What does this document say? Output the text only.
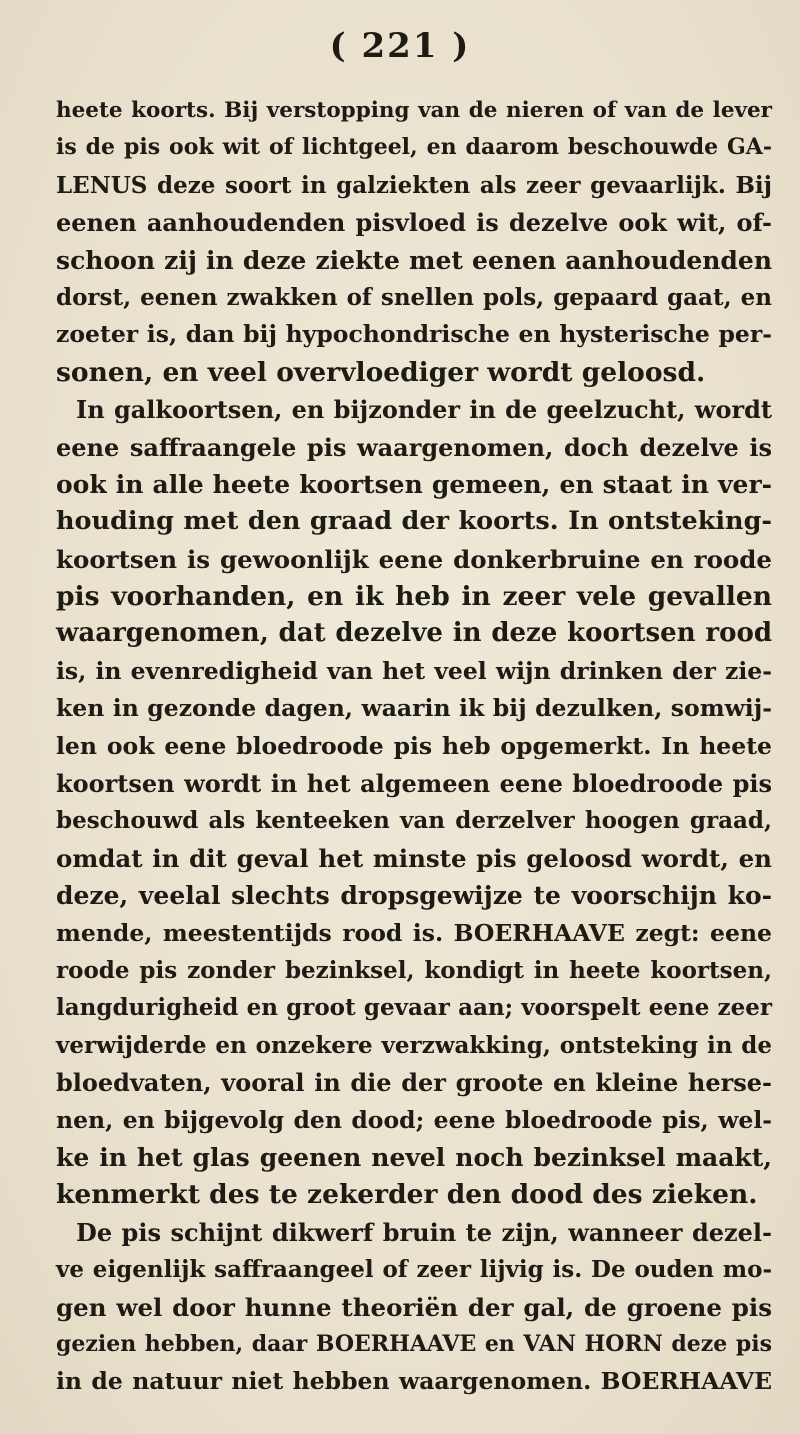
( 221 )
heete koorts. Bij verstopping van de nieren of van de lever
is de pis ook wit of lichtgeel, en daarom beschouwde GA-
LENUS deze soort in galziekten als zeer gevaarlijk. Bij
eenen aanhoudenden pisvloed is dezelve ook wit, of-
schoon zij in deze ziekte met eenen aanhoudenden
dorst, eenen zwakken of snellen pols, gepaard gaat, en
zoeter is, dan bij hypochondrische en hysterische per-
sonen, en veel overvloediger wordt geloosd.
In galkoortsen, en bijzonder in de geelzucht, wordt
eene saffraangele pis waargenomen, doch dezelve is
ook in alle heete koortsen gemeen, en staat in ver-
houding met den graad der koorts. In ontsteking-
koortsen is gewoonlijk eene donkerbruine en roode
pis voorhanden, en ik heb in zeer vele gevallen
waargenomen, dat dezelve in deze koortsen rood
is, in evenredigheid van het veel wijn drinken der zie-
ken in gezonde dagen, waarin ik bij dezulken, somwij-
len ook eene bloedroode pis heb opgemerkt. In heete
koortsen wordt in het algemeen eene bloedroode pis
beschouwd als kenteeken van derzelver hoogen graad,
omdat in dit geval het minste pis geloosd wordt, en
deze, veelal slechts dropsgewijze te voorschijn ko-
mende, meestentijds rood is. BOERHAAVE zegt: eene
roode pis zonder bezinksel, kondigt in heete koortsen,
langdurigheid en groot gevaar aan; voorspelt eene zeer
verwijderde en onzekere verzwakking, ontsteking in de
bloedvaten, vooral in die der groote en kleine herse-
nen, en bijgevolg den dood; eene bloedroode pis, wel-
ke in het glas geenen nevel noch bezinksel maakt,
kenmerkt des te zekerder den dood des zieken.
De pis schijnt dikwerf bruin te zijn, wanneer dezel-
ve eigenlijk saffraangeel of zeer lijvig is. De ouden mo-
gen wel door hunne theoriën der gal, de groene pis
gezien hebben, daar BOERHAAVE en VAN HORN deze pis
in de natuur niet hebben waargenomen. BOERHAAVE
